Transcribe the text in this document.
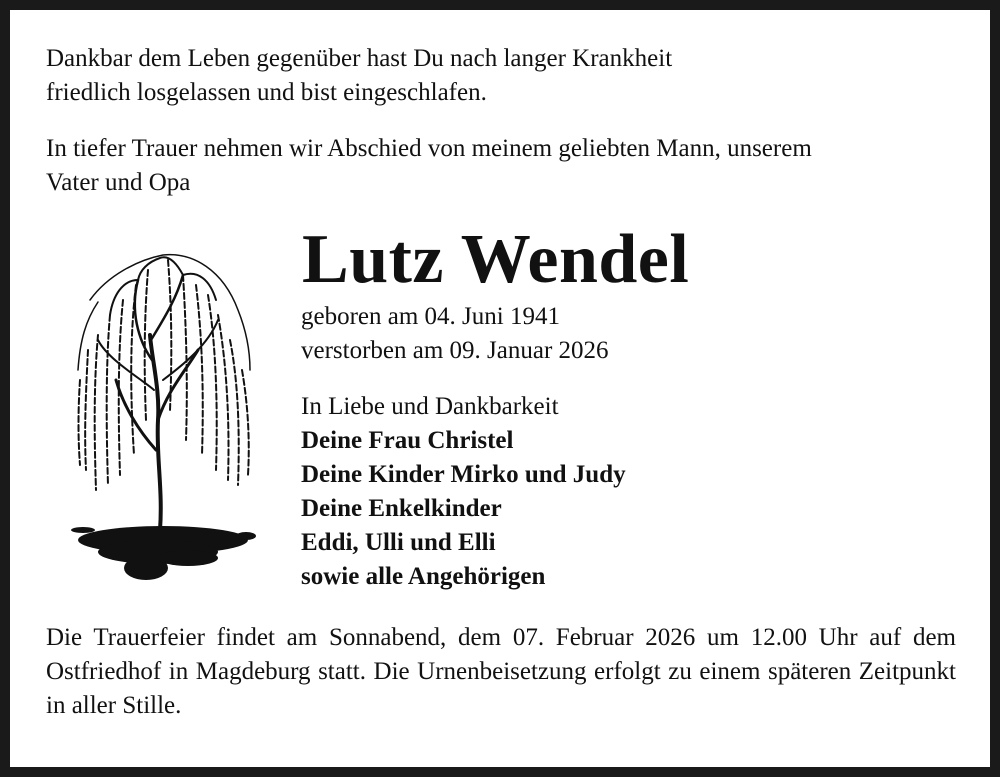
Dankbar dem Leben gegenüber hast Du nach langer Krankheit
friedlich losgelassen und bist eingeschlafen.
In tiefer Trauer nehmen wir Abschied von meinem geliebten Mann, unserem
Vater und Opa
Lutz Wendel
geboren am 04. Juni 1941
verstorben am 09. Januar 2026
In Liebe und Dankbarkeit
Deine Frau Christel
Deine Kinder Mirko und Judy
Deine Enkelkinder
Eddi, Ulli und Elli
sowie alle Angehörigen
Die Trauerfeier findet am Sonnabend, dem 07. Februar 2026 um 12.00 Uhr auf dem Ostfriedhof in Magdeburg statt. Die Urnenbeisetzung erfolgt zu einem späteren Zeitpunkt in aller Stille.
